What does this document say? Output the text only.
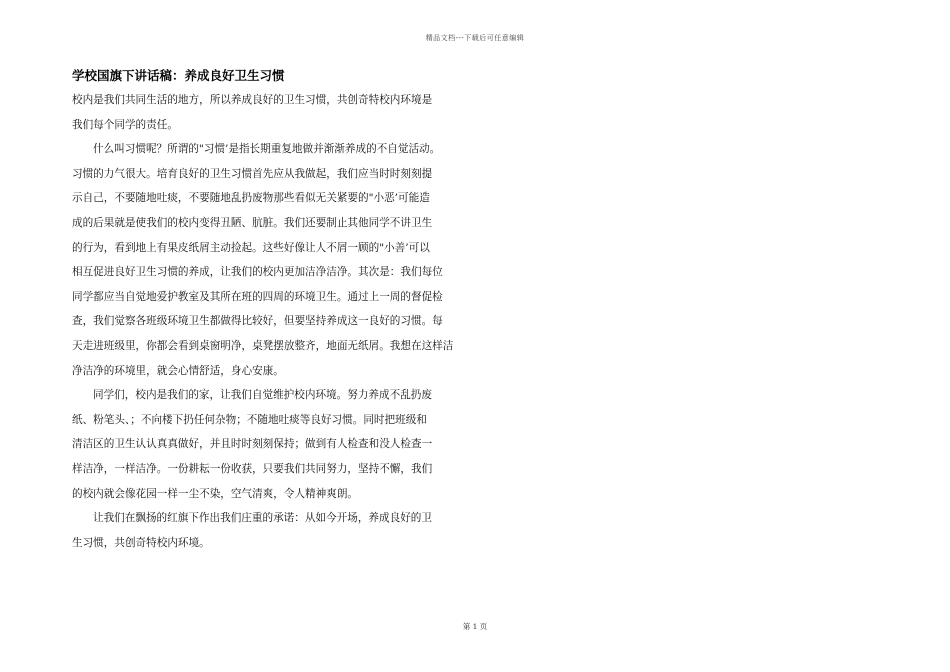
精品文档---下载后可任意编辑
学校国旗下讲话稿：养成良好卫生习惯
校内是我们共同生活的地方，所以养成良好的卫生习惯，共创奇特校内环境是
我们每个同学的责任。
什么叫习惯呢？所谓的"习惯’是指长期重复地做并渐渐养成的不自觉活动。
习惯的力气很大。培育良好的卫生习惯首先应从我做起，我们应当时时刻刻提
示自己，不要随地吐痰，不要随地乱扔废物那些看似无关紧要的"小恶’可能造
成的后果就是使我们的校内变得丑陋、肮脏。我们还要制止其他同学不讲卫生
的行为，看到地上有果皮纸屑主动捡起。这些好像让人不屑一顾的"小善’可以
相互促进良好卫生习惯的养成，让我们的校内更加洁净洁净。其次是：我们每位
同学都应当自觉地爱护教室及其所在班的四周的环境卫生。通过上一周的督促检
查，我们觉察各班级环境卫生都做得比较好，但要坚持养成这一良好的习惯。每
天走进班级里，你都会看到桌窗明净，桌凳摆放整齐，地面无纸屑。我想在这样洁
净洁净的环境里，就会心情舒适，身心安康。
同学们，校内是我们的家，让我们自觉维护校内环境。努力养成不乱扔废
纸、粉笔头、；不向楼下扔任何杂物；不随地吐痰等良好习惯。同时把班级和
清洁区的卫生认认真真做好，并且时时刻刻保持；做到有人检查和没人检查一
样洁净，一样洁净。一份耕耘一份收获，只要我们共同努力，坚持不懈，我们
的校内就会像花园一样一尘不染，空气清爽，令人精神爽朗。
让我们在飘扬的红旗下作出我们庄重的承诺：从如今开场，养成良好的卫
生习惯，共创奇特校内环境。
第 1 页
